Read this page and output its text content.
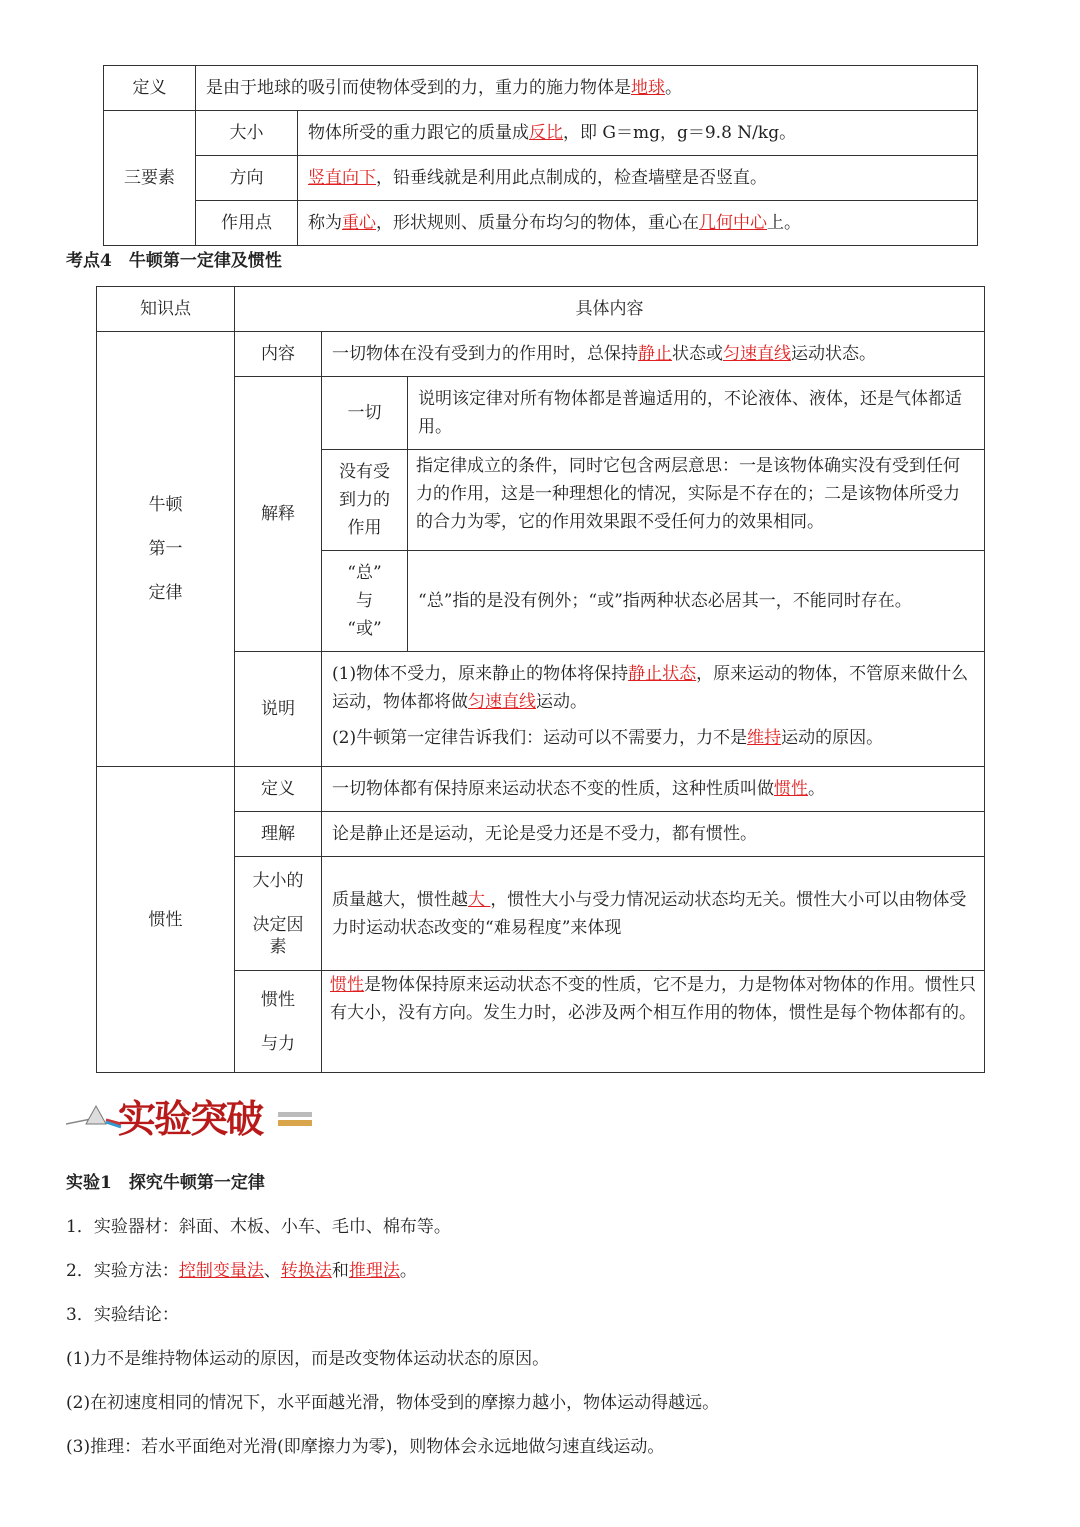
定义	是由于地球的吸引而使物体受到的力，重力的施力物体是地球。	
三要素	大小	物体所受的重力跟它的质量成反比，即 G＝mg，g＝9.8 N/kg。
	方向	竖直向下，铅垂线就是利用此点制成的，检查墙壁是否竖直。
	作用点	称为重心，形状规则、质量分布均匀的物体，重心在几何中心上。
考点4　牛顿第一定律及惯性
知识点	具体内容		
牛顿

第一

定律	内容	一切物体在没有受到力的作用时，总保持静止状态或匀速直线运动状态。	
	解释	一切	说明该定律对所有物体都是普遍适用的，不论液体、液体，还是气体都适用。
		没有受到力的作用	指定律成立的条件，同时它包含两层意思：一是该物体确实没有受到任何力的作用，这是一种理想化的情况，实际是不存在的；二是该物体所受力的合力为零，它的作用效果跟不受任何力的效果相同。
		“总”
与
“或”	“总”指的是没有例外；“或”指两种状态必居其一，不能同时存在。
	说明	(1)物体不受力，原来静止的物体将保持静止状态，原来运动的物体，不管原来做什么运动，物体都将做匀速直线运动。
(2)牛顿第一定律告诉我们：运动可以不需要力，力不是维持运动的原因。	

惯性	定义	一切物体都有保持原来运动状态不变的性质，这种性质叫做惯性。	
	理解	论是静止还是运动，无论是受力还是不受力，都有惯性。	
	大小的

决定因
素	质量越大，惯性越大 ，惯性大小与受力情况运动状态均无关。惯性大小可以由物体受力时运动状态改变的“难易程度”来体现	
	惯性

与力	惯性是物体保持原来运动状态不变的性质，它不是力，力是物体对物体的作用。惯性只有大小，没有方向。发生力时，必涉及两个相互作用的物体，惯性是每个物体都有的。	
实验突破
实验1　探究牛顿第一定律
1．实验器材：斜面、木板、小车、毛巾、棉布等。
2．实验方法：控制变量法、转换法和推理法。
3．实验结论：
(1)力不是维持物体运动的原因，而是改变物体运动状态的原因。
(2)在初速度相同的情况下，水平面越光滑，物体受到的摩擦力越小，物体运动得越远。
(3)推理：若水平面绝对光滑(即摩擦力为零)，则物体会永远地做匀速直线运动。
